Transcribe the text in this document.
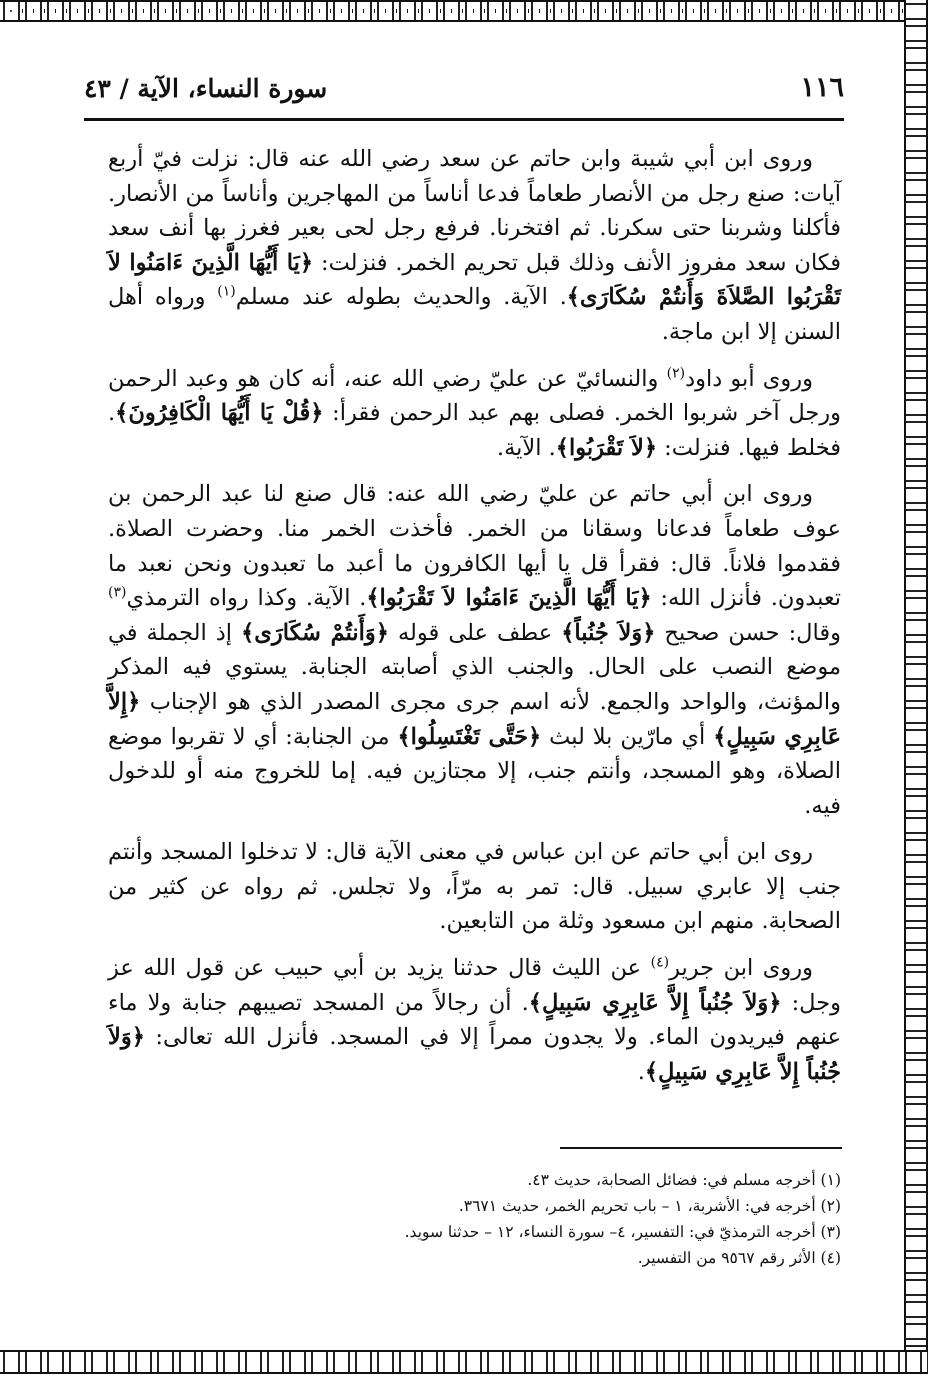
١١٦
سورة النساء، الآية / ٤٣

وروى ابن أبي شيبة وابن حاتم عن سعد رضي الله عنه قال: نزلت فيّ أربع آيات: صنع رجل من الأنصار طعاماً فدعا أناساً من المهاجرين وأناساً من الأنصار. فأكلنا وشربنا حتى سكرنا. ثم افتخرنا. فرفع رجل لحى بعير فغرز بها أنف سعد فكان سعد مفروز الأنف وذلك قبل تحريم الخمر. فنزلت: ﴿يَا أَيُّهَا الَّذِينَ ءَامَنُوا لاَ تَقْرَبُوا الصَّلاَةَ وَأَنتُمْ سُكَارَى﴾. الآية. والحديث بطوله عند مسلم$^{(١)}$ ورواه أهل السنن إلا ابن ماجة.

وروى أبو داود$^{(٢)}$ والنسائيّ عن عليّ رضي الله عنه، أنه كان هو وعبد الرحمن ورجل آخر شربوا الخمر. فصلى بهم عبد الرحمن فقرأ: ﴿قُلْ يَا أَيُّهَا الْكَافِرُونَ﴾. فخلط فيها. فنزلت: ﴿لاَ تَقْرَبُوا﴾. الآية.

وروى ابن أبي حاتم عن عليّ رضي الله عنه: قال صنع لنا عبد الرحمن بن عوف طعاماً فدعانا وسقانا من الخمر. فأخذت الخمر منا. وحضرت الصلاة. فقدموا فلاناً. قال: فقرأ قل يا أيها الكافرون ما أعبد ما تعبدون ونحن نعبد ما تعبدون. فأنزل الله: ﴿يَا أَيُّهَا الَّذِينَ ءَامَنُوا لاَ تَقْرَبُوا﴾. الآية. وكذا رواه الترمذي$^{(٣)}$ وقال: حسن صحيح ﴿وَلاَ جُنُباً﴾ عطف على قوله ﴿وَأَنتُمْ سُكَارَى﴾ إذ الجملة في موضع النصب على الحال. والجنب الذي أصابته الجنابة. يستوي فيه المذكر والمؤنث، والواحد والجمع. لأنه اسم جرى مجرى المصدر الذي هو الإجناب ﴿إِلاَّ عَابِرِي سَبِيلٍ﴾ أي مارّين بلا لبث ﴿حَتَّى تَغْتَسِلُوا﴾ من الجنابة: أي لا تقربوا موضع الصلاة، وهو المسجد، وأنتم جنب، إلا مجتازين فيه. إما للخروج منه أو للدخول فيه.

روى ابن أبي حاتم عن ابن عباس في معنى الآية قال: لا تدخلوا المسجد وأنتم جنب إلا عابري سبيل. قال: تمر به مرّاً، ولا تجلس. ثم رواه عن كثير من الصحابة. منهم ابن مسعود وثلة من التابعين.

وروى ابن جرير$^{(٤)}$ عن الليث قال حدثنا يزيد بن أبي حبيب عن قول الله عز وجل: ﴿وَلاَ جُنُباً إِلاَّ عَابِرِي سَبِيلٍ﴾. أن رجالاً من المسجد تصيبهم جنابة ولا ماء عنهم فيريدون الماء. ولا يجدون ممراً إلا في المسجد. فأنزل الله تعالى: ﴿وَلاَ جُنُباً إِلاَّ عَابِرِي سَبِيلٍ﴾.

(١) أخرجه مسلم في: فضائل الصحابة، حديث ٤٣.
(٢) أخرجه في: الأشربة، ١ – باب تحريم الخمر، حديث ٣٦٧١.
(٣) أخرجه الترمذيّ في: التفسير، ٤– سورة النساء، ١٢ – حدثنا سويد.
(٤) الأثر رقم ٩٥٦٧ من التفسير.
